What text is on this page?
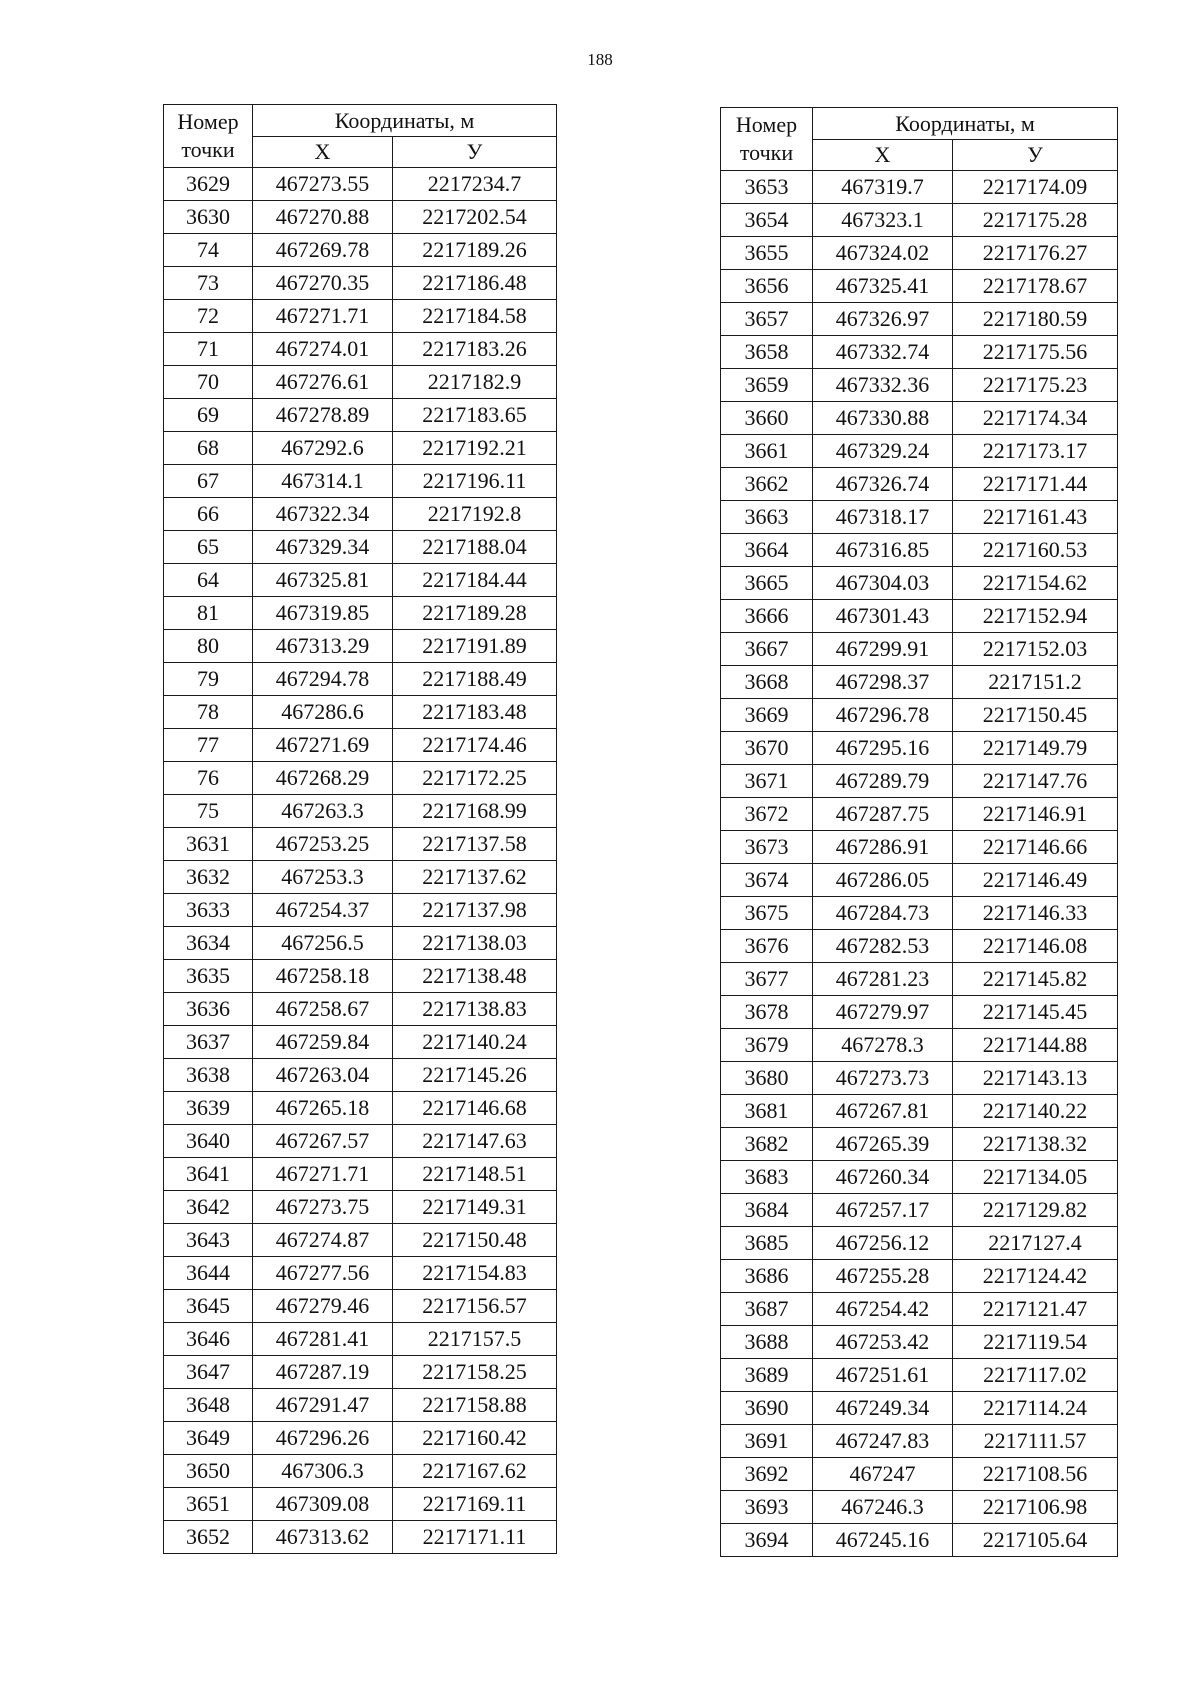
188
Номер
точки	Координаты, м	
	X	У
3629	467273.55	2217234.7
3630	467270.88	2217202.54
74	467269.78	2217189.26
73	467270.35	2217186.48
72	467271.71	2217184.58
71	467274.01	2217183.26
70	467276.61	2217182.9
69	467278.89	2217183.65
68	467292.6	2217192.21
67	467314.1	2217196.11
66	467322.34	2217192.8
65	467329.34	2217188.04
64	467325.81	2217184.44
81	467319.85	2217189.28
80	467313.29	2217191.89
79	467294.78	2217188.49
78	467286.6	2217183.48
77	467271.69	2217174.46
76	467268.29	2217172.25
75	467263.3	2217168.99
3631	467253.25	2217137.58
3632	467253.3	2217137.62
3633	467254.37	2217137.98
3634	467256.5	2217138.03
3635	467258.18	2217138.48
3636	467258.67	2217138.83
3637	467259.84	2217140.24
3638	467263.04	2217145.26
3639	467265.18	2217146.68
3640	467267.57	2217147.63
3641	467271.71	2217148.51
3642	467273.75	2217149.31
3643	467274.87	2217150.48
3644	467277.56	2217154.83
3645	467279.46	2217156.57
3646	467281.41	2217157.5
3647	467287.19	2217158.25
3648	467291.47	2217158.88
3649	467296.26	2217160.42
3650	467306.3	2217167.62
3651	467309.08	2217169.11
3652	467313.62	2217171.11
Номер
точки	Координаты, м	
	X	У
3653	467319.7	2217174.09
3654	467323.1	2217175.28
3655	467324.02	2217176.27
3656	467325.41	2217178.67
3657	467326.97	2217180.59
3658	467332.74	2217175.56
3659	467332.36	2217175.23
3660	467330.88	2217174.34
3661	467329.24	2217173.17
3662	467326.74	2217171.44
3663	467318.17	2217161.43
3664	467316.85	2217160.53
3665	467304.03	2217154.62
3666	467301.43	2217152.94
3667	467299.91	2217152.03
3668	467298.37	2217151.2
3669	467296.78	2217150.45
3670	467295.16	2217149.79
3671	467289.79	2217147.76
3672	467287.75	2217146.91
3673	467286.91	2217146.66
3674	467286.05	2217146.49
3675	467284.73	2217146.33
3676	467282.53	2217146.08
3677	467281.23	2217145.82
3678	467279.97	2217145.45
3679	467278.3	2217144.88
3680	467273.73	2217143.13
3681	467267.81	2217140.22
3682	467265.39	2217138.32
3683	467260.34	2217134.05
3684	467257.17	2217129.82
3685	467256.12	2217127.4
3686	467255.28	2217124.42
3687	467254.42	2217121.47
3688	467253.42	2217119.54
3689	467251.61	2217117.02
3690	467249.34	2217114.24
3691	467247.83	2217111.57
3692	467247	2217108.56
3693	467246.3	2217106.98
3694	467245.16	2217105.64
